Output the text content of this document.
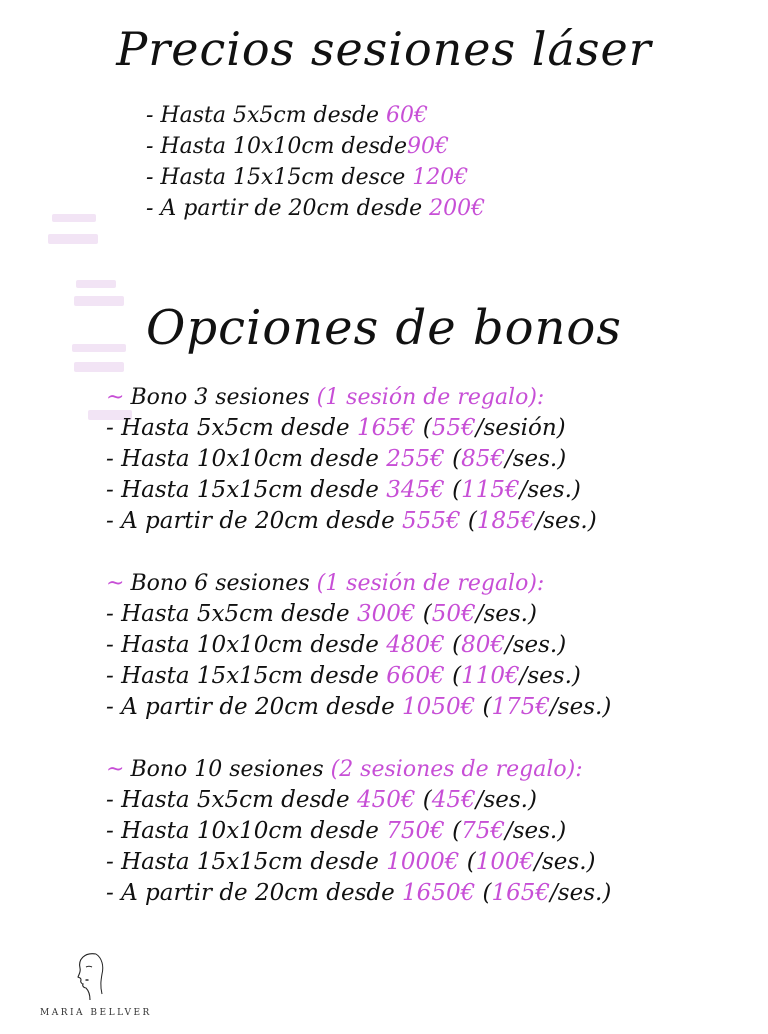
Precios sesiones láser
- Hasta 5x5cm desde 60€
- Hasta 10x10cm desde90€
- Hasta 15x15cm desce 120€
- A partir de 20cm desde 200€
Opciones de bonos
~ Bono 3 sesiones (1 sesión de regalo):
- Hasta 5x5cm desde 165€ (55€/sesión)
- Hasta 10x10cm desde 255€ (85€/ses.)
- Hasta 15x15cm desde 345€ (115€/ses.)
- A partir de 20cm desde 555€ (185€/ses.)
~ Bono 6 sesiones (1 sesión de regalo):
- Hasta 5x5cm desde 300€ (50€/ses.)
- Hasta 10x10cm desde 480€ (80€/ses.)
- Hasta 15x15cm desde 660€ (110€/ses.)
- A partir de 20cm desde 1050€ (175€/ses.)
~ Bono 10 sesiones (2 sesiones de regalo):
- Hasta 5x5cm desde 450€ (45€/ses.)
- Hasta 10x10cm desde 750€ (75€/ses.)
- Hasta 15x15cm desde 1000€ (100€/ses.)
- A partir de 20cm desde 1650€ (165€/ses.)
MARIA BELLVER
